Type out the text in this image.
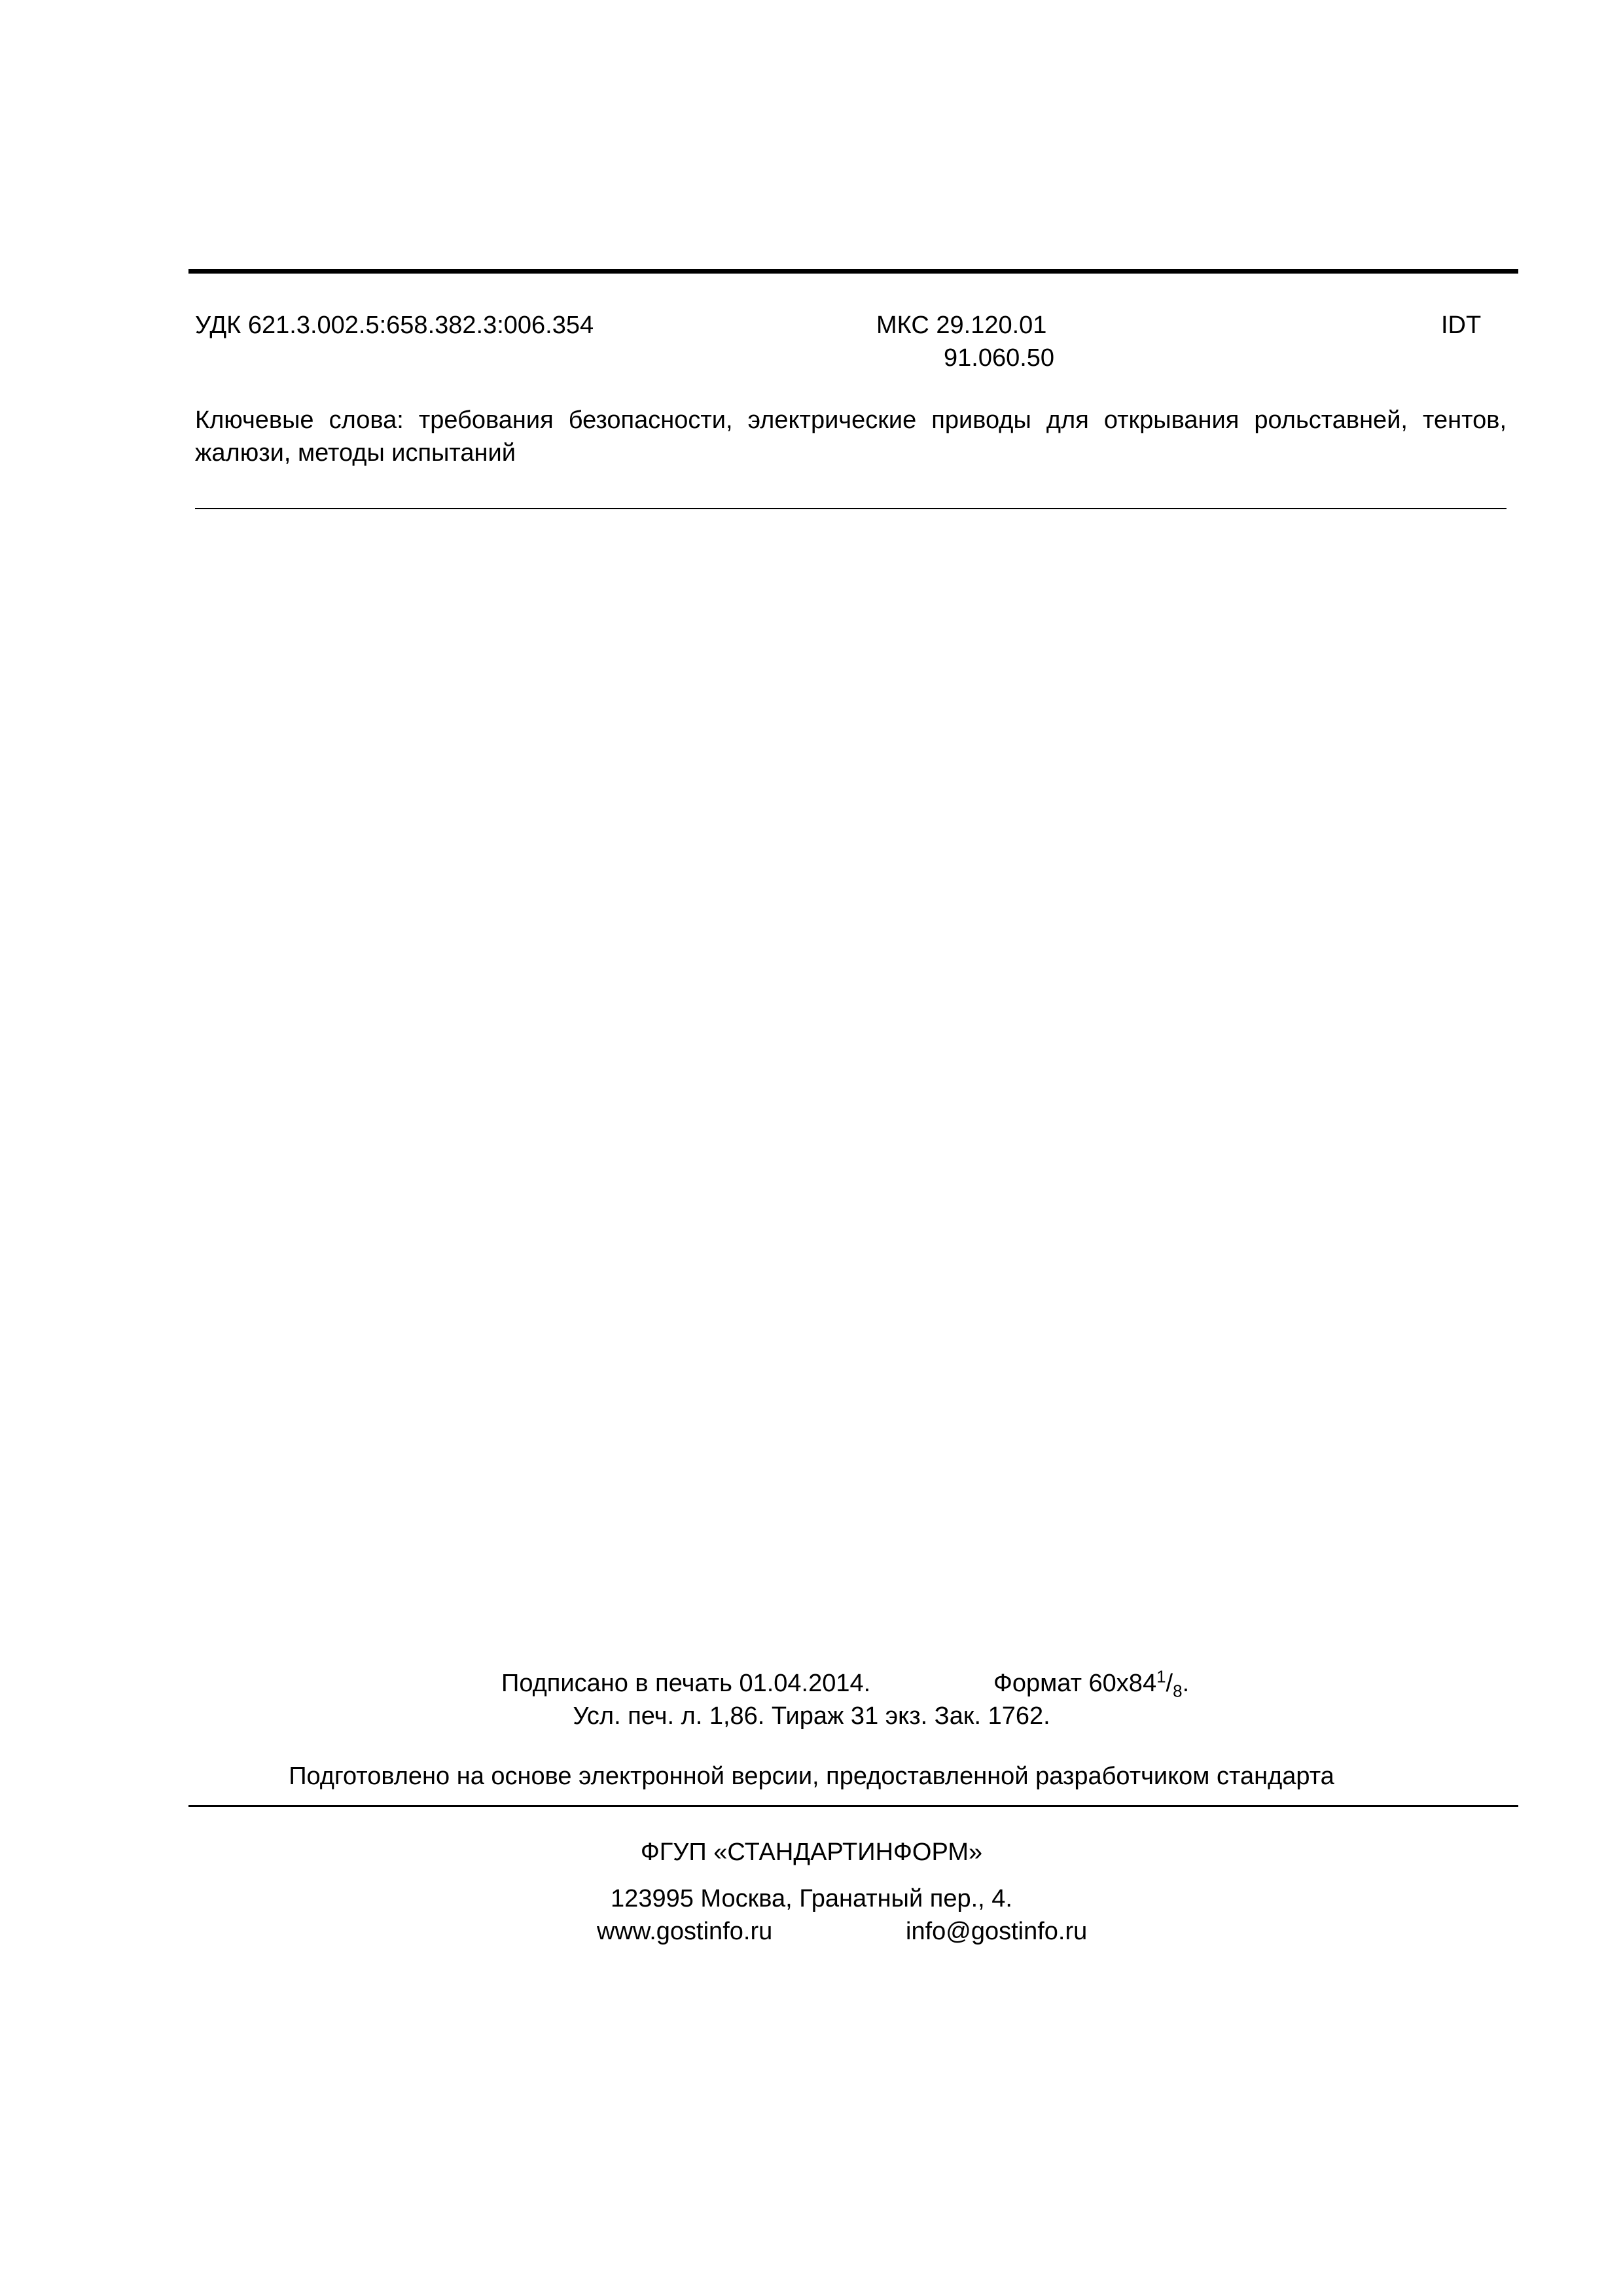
УДК 621.3.002.5:658.382.3:006.354	МКС 29.120.01
91.060.50
IDT
Ключевые слова: требования безопасности, электрические приводы для открывания рольставней, тентов, жалюзи, методы испытаний
Подписано в печать 01.04.2014.	Формат $60x84^1/_8$.
Усл. печ. л. 1,86. Тираж 31 экз. Зак. 1762.
Подготовлено на основе электронной версии, предоставленной разработчиком стандарта
ФГУП «СТАНДАРТИНФОРМ»
123995 Москва, Гранатный пер., 4.
www.gostinfo.ru	info@gostinfo.ru
